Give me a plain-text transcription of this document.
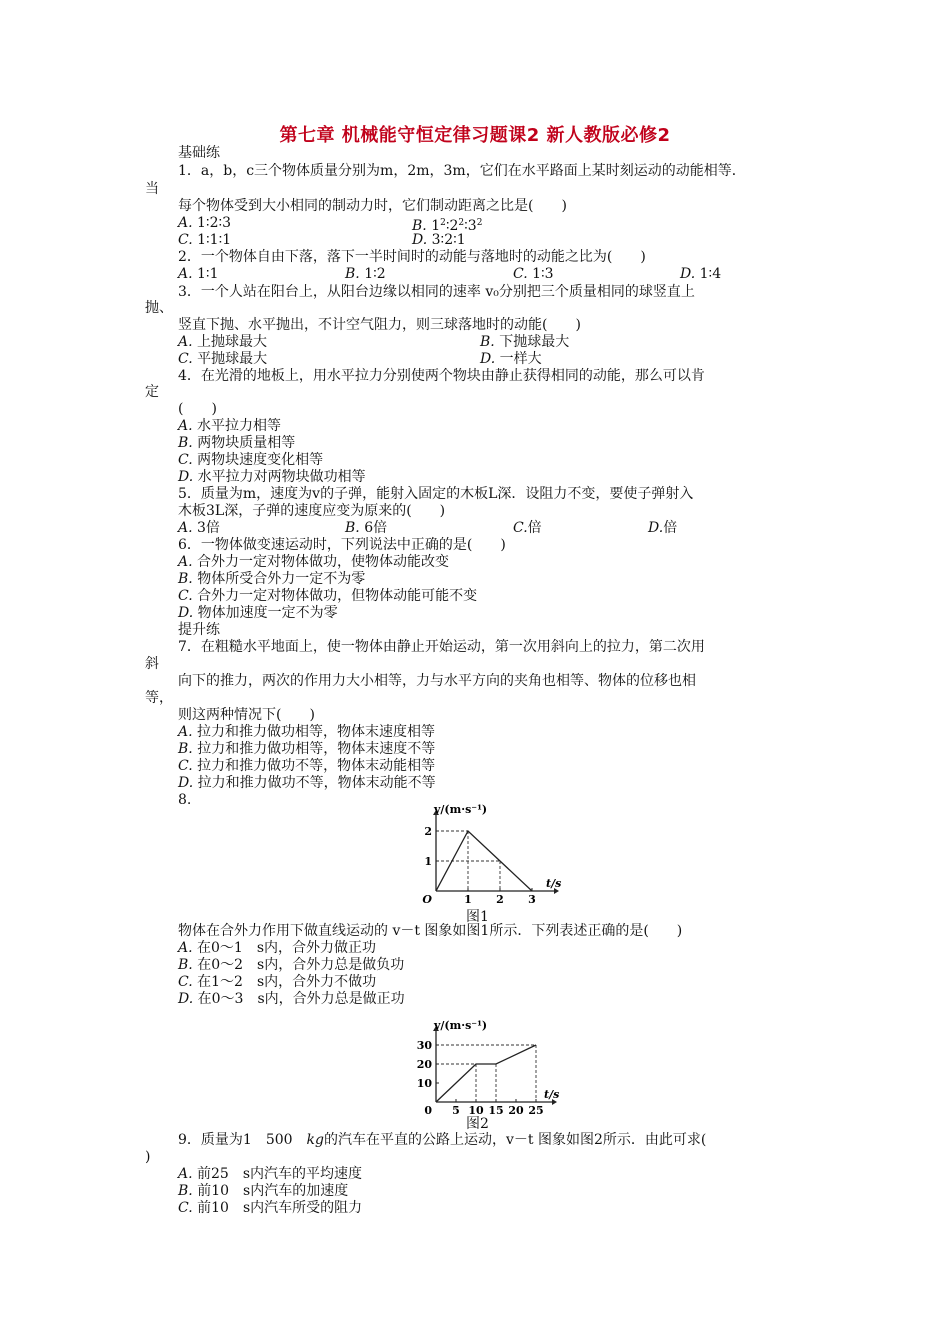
第七章 机械能守恒定律习题课2 新人教版必修2
基础练
1．a，b，c三个物体质量分别为m，2m，3m，它们在水平路面上某时刻运动的动能相等．
当
每个物体受到大小相同的制动力时，它们制动距离之比是(　　)
A. 1∶2∶3	B. $1^2∶2^2∶3^2$
C. 1∶1∶1	D. 3∶2∶1
2．一个物体自由下落，落下一半时间时的动能与落地时的动能之比为(　　)
A. 1∶1	B. 1∶2	C. 1∶3	D. 1∶4
3．一个人站在阳台上，从阳台边缘以相同的速率 v₀分别把三个质量相同的球竖直上
抛、
竖直下抛、水平抛出，不计空气阻力，则三球落地时的动能(　　)
A. 上抛球最大	B. 下抛球最大
C. 平抛球最大	D. 一样大
4．在光滑的地板上，用水平拉力分别使两个物块由静止获得相同的动能，那么可以肯
定
(　　)
A. 水平拉力相等
B. 两物块质量相等
C. 两物块速度变化相等
D. 水平拉力对两物块做功相等
5．质量为m，速度为v的子弹，能射入固定的木板L深．设阻力不变，要使子弹射入
木板3L深，子弹的速度应变为原来的(　　)
A. 3倍	B. 6倍	C.倍	D.倍
6．一物体做变速运动时，下列说法中正确的是(　　)
A. 合外力一定对物体做功，使物体动能改变
B. 物体所受合外力一定不为零
C. 合外力一定对物体做功，但物体动能可能不变
D. 物体加速度一定不为零
提升练
7．在粗糙水平地面上，使一物体由静止开始运动，第一次用斜向上的拉力，第二次用
斜
向下的推力，两次的作用力大小相等，力与水平方向的夹角也相等、物体的位移也相
等，
则这两种情况下(　　)
A. 拉力和推力做功相等，物体末速度相等
B. 拉力和推力做功相等，物体末速度不等
C. 拉力和推力做功不等，物体末动能相等
D. 拉力和推力做功不等，物体末动能不等
8.
1 2 3
1
2
O
t/s
v/(m·s⁻¹)
图1
物体在合外力作用下做直线运动的 v－t 图象如图1所示．下列表述正确的是(　　)
A. 在0～1　s内，合外力做正功
B. 在0～2　s内，合外力总是做负功
C. 在1～2　s内，合外力不做功
D. 在0～3　s内，合外力总是做正功
5 10 15 20 25
10
20
30
0
t/s
v/(m·s⁻¹)
图2
9．质量为1　500　kg的汽车在平直的公路上运动，v－t 图象如图2所示．由此可求(
)
A. 前25　s内汽车的平均速度
B. 前10　s内汽车的加速度
C. 前10　s内汽车所受的阻力
